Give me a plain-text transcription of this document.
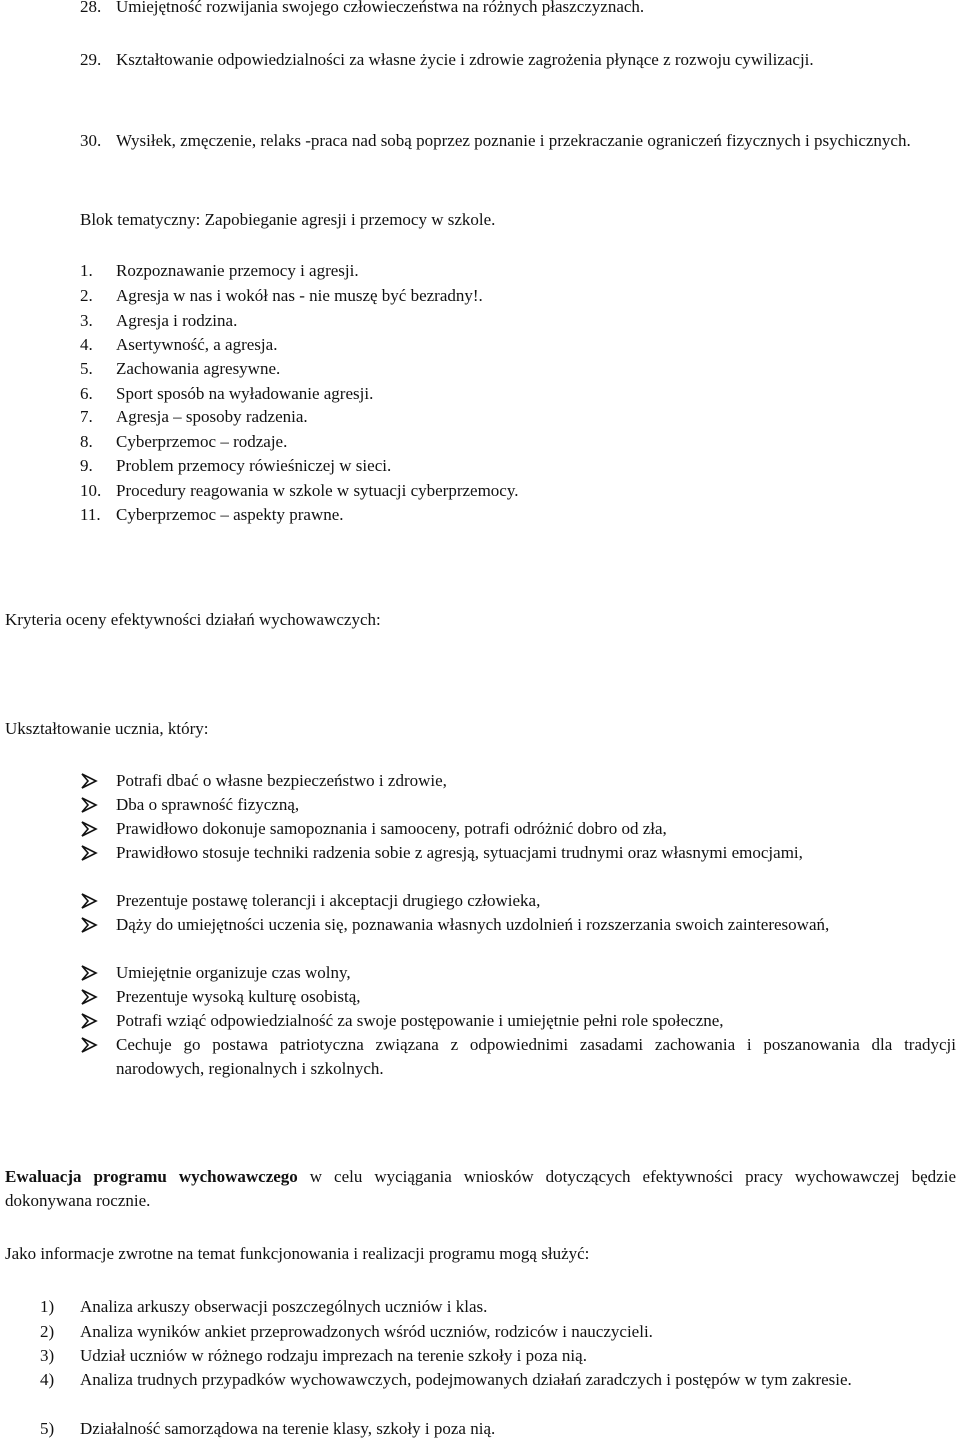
28. Umiejętność rozwijania swojego człowieczeństwa na różnych płaszczyznach.
29. Kształtowanie odpowiedzialności za własne życie i zdrowie zagrożenia płynące z rozwoju cywilizacji.
30. Wysiłek, zmęczenie, relaks -praca nad sobą poprzez poznanie i przekraczanie ograniczeń fizycznych i psychicznych.
Blok tematyczny: Zapobieganie agresji i przemocy w szkole.
1.	Rozpoznawanie przemocy i agresji.
2.	Agresja w nas i wokół nas - nie muszę być bezradny!.
3.	Agresja i rodzina.
4.	Asertywność, a agresja.
5.	Zachowania agresywne.
6.	Sport sposób na wyładowanie agresji.
7.	Agresja – sposoby radzenia.
8.	Cyberprzemoc – rodzaje.
9.	Problem przemocy rówieśniczej w sieci.
10. Procedury reagowania w szkole w sytuacji cyberprzemocy.
11. Cyberprzemoc – aspekty prawne.
Kryteria oceny efektywności działań wychowawczych:
Ukształtowanie ucznia, który:
Potrafi dbać o własne bezpieczeństwo i zdrowie,
Dba o sprawność fizyczną,
Prawidłowo dokonuje samopoznania i samooceny, potrafi odróżnić dobro od zła,
Prawidłowo stosuje techniki radzenia sobie z agresją, sytuacjami trudnymi oraz własnymi emocjami,
Prezentuje postawę tolerancji i akceptacji drugiego człowieka,
Dąży do umiejętności uczenia się, poznawania własnych uzdolnień i rozszerzania swoich zainteresowań,
Umiejętnie organizuje czas wolny,
Prezentuje wysoką kulturę osobistą,
Potrafi wziąć odpowiedzialność za swoje postępowanie i umiejętnie pełni role społeczne,
Cechuje go postawa patriotyczna związana z odpowiednimi zasadami zachowania i poszanowania dla tradycji narodowych, regionalnych i szkolnych.
Ewaluacja programu wychowawczego w celu wyciągania wniosków dotyczących efektywności pracy wychowawczej będzie dokonywana rocznie.
Jako informacje zwrotne na temat funkcjonowania i realizacji programu mogą służyć:
1)	Analiza arkuszy obserwacji poszczególnych uczniów i klas.
2)	Analiza wyników ankiet przeprowadzonych wśród uczniów, rodziców i nauczycieli.
3)	Udział uczniów w różnego rodzaju imprezach na terenie szkoły i poza nią.
4)	Analiza trudnych przypadków wychowawczych, podejmowanych działań zaradczych i postępów w tym zakresie.
5)	Działalność samorządowa na terenie klasy, szkoły i poza nią.
